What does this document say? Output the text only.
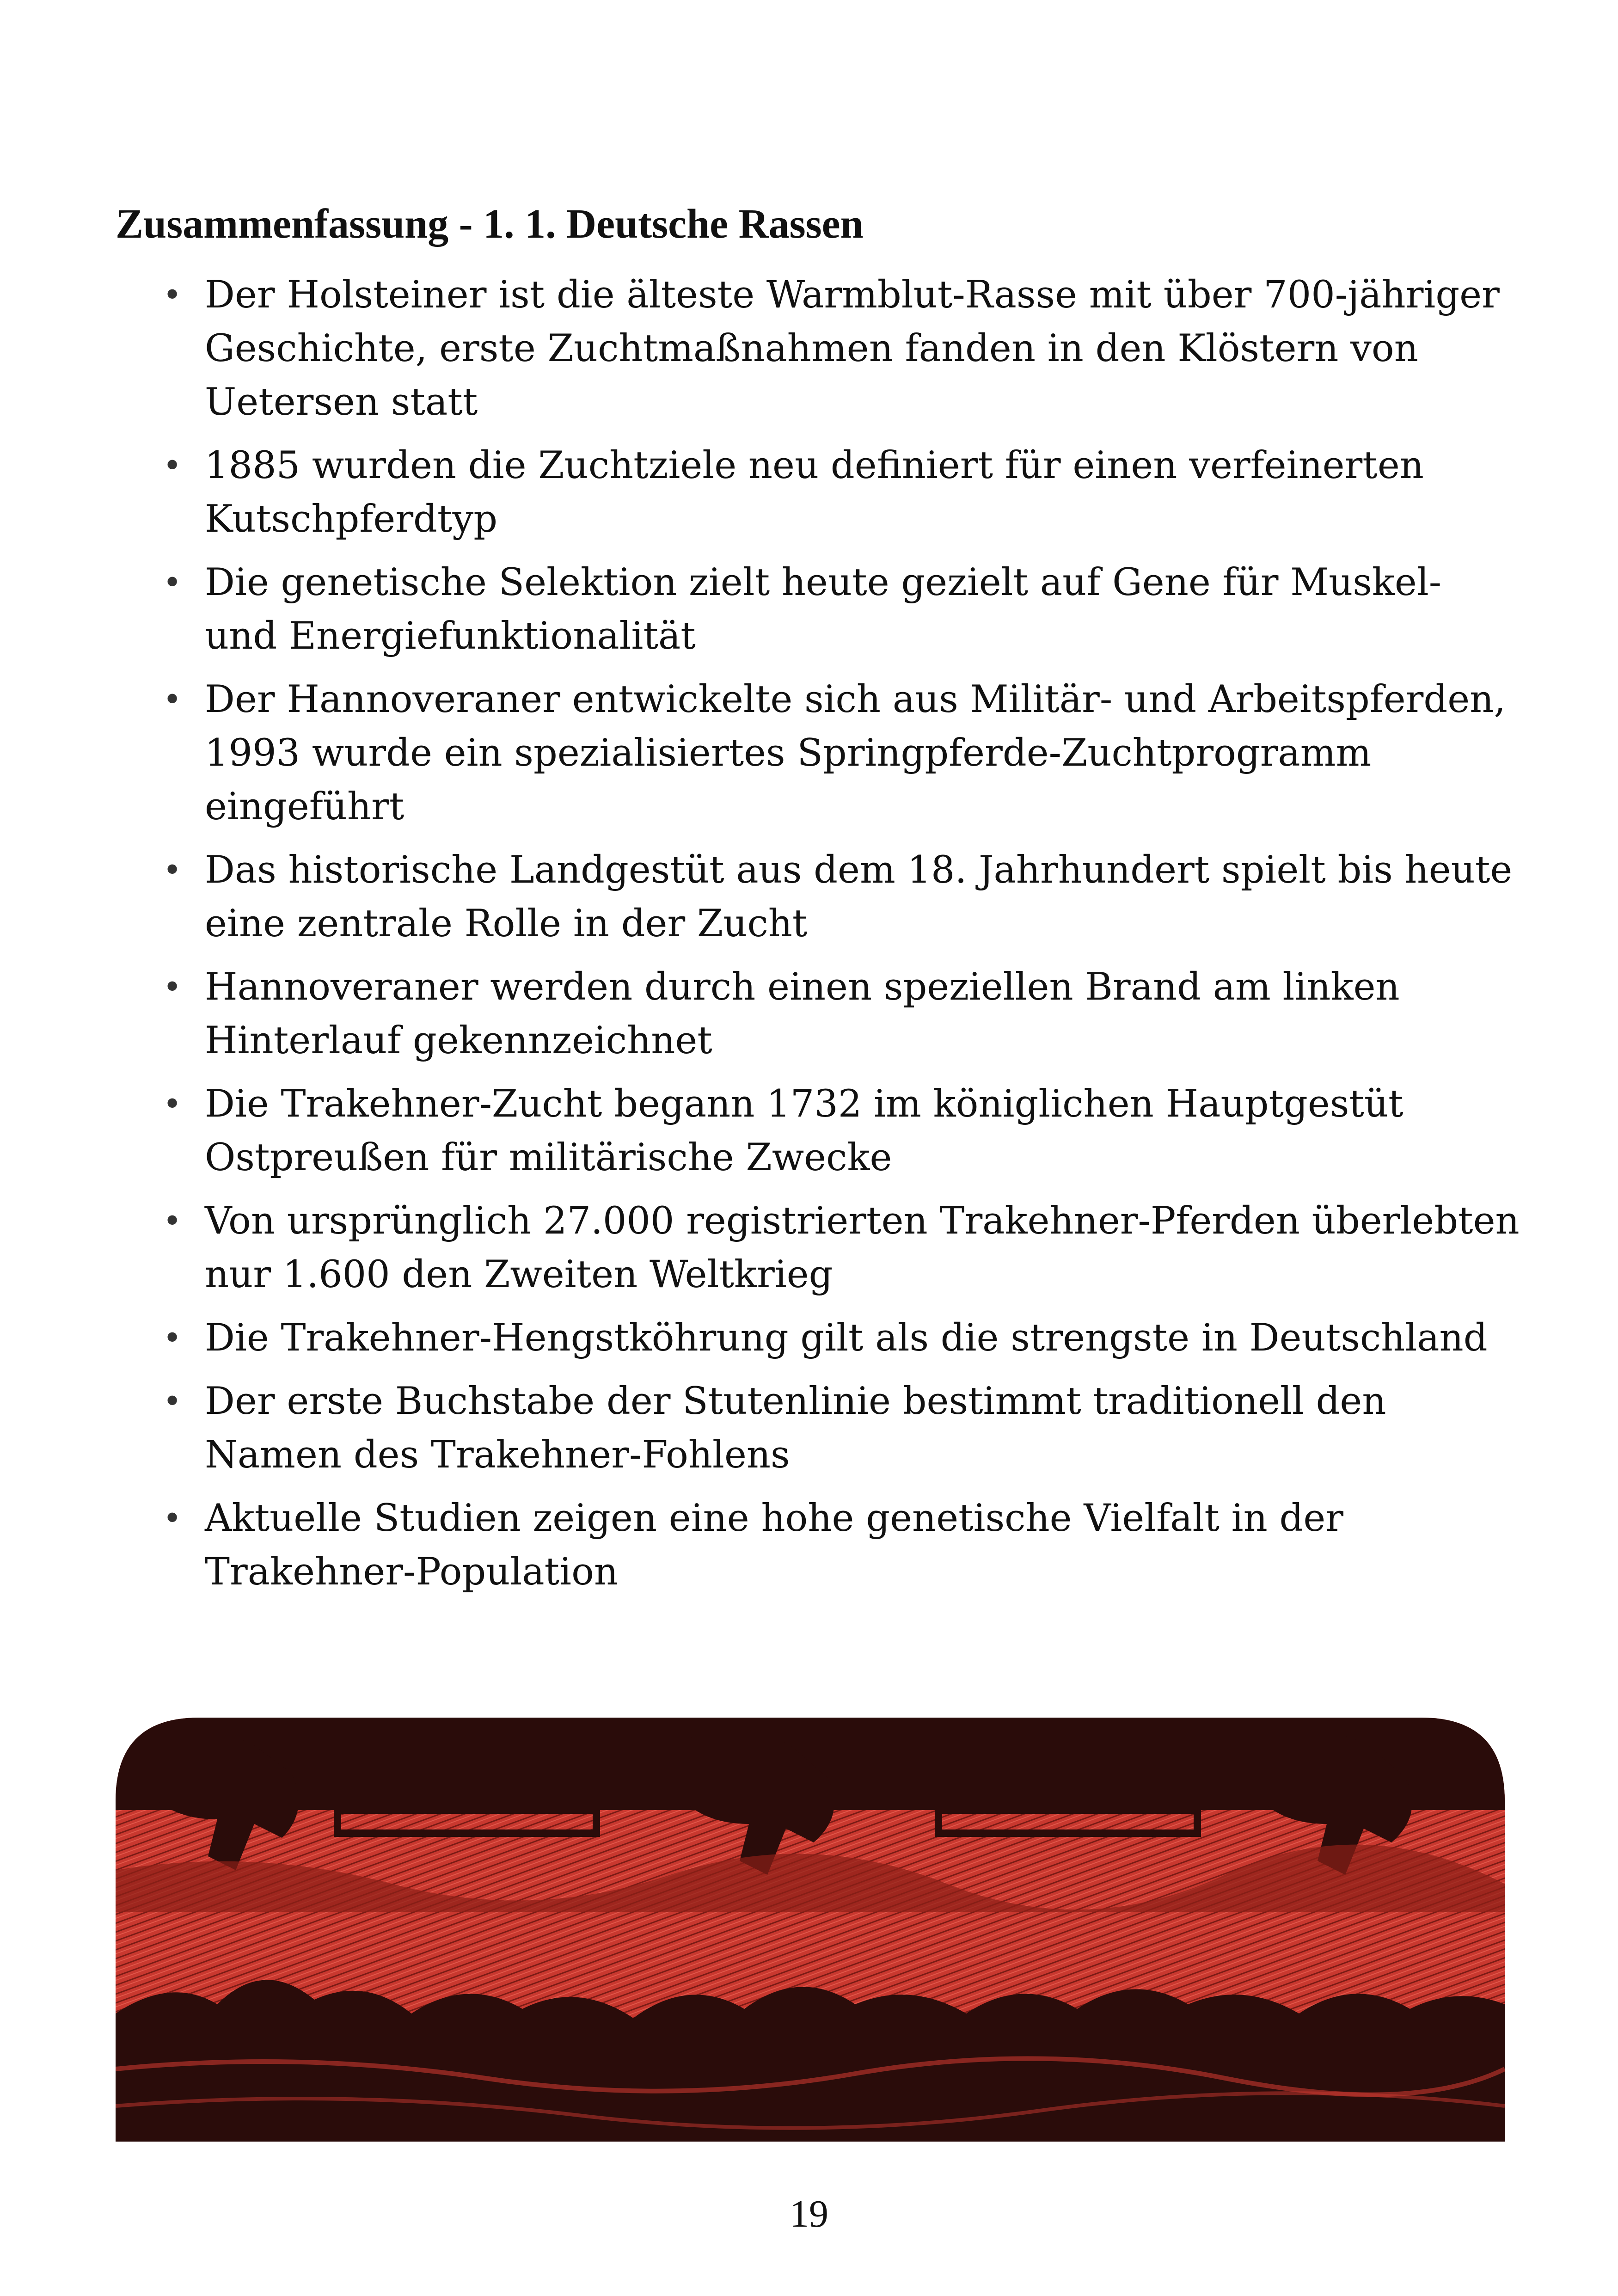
Zusammenfassung - 1. 1. Deutsche Rassen
• Der Holsteiner ist die älteste Warmblut-Rasse mit über 700-jähriger Geschichte, erste Zuchtmaßnahmen fanden in den Klöstern von Uetersen statt
• 1885 wurden die Zuchtziele neu definiert für einen verfeinerten Kutschpferdtyp
• Die genetische Selektion zielt heute gezielt auf Gene für Muskel- und Energiefunktionalität
• Der Hannoveraner entwickelte sich aus Militär- und Arbeitspferden, 1993 wurde ein spezialisiertes Springpferde-Zuchtprogramm eingeführt
• Das historische Landgestüt aus dem 18. Jahrhundert spielt bis heute eine zentrale Rolle in der Zucht
• Hannoveraner werden durch einen speziellen Brand am linken Hinterlauf gekennzeichnet
• Die Trakehner-Zucht begann 1732 im königlichen Hauptgestüt Ostpreußen für militärische Zwecke
• Von ursprünglich 27.000 registrierten Trakehner-Pferden überlebten nur 1.600 den Zweiten Weltkrieg
• Die Trakehner-Hengstköhrung gilt als die strengste in Deutschland
• Der erste Buchstabe der Stutenlinie bestimmt traditionell den Namen des Trakehner-Fohlens
• Aktuelle Studien zeigen eine hohe genetische Vielfalt in der Trakehner-Population
19
